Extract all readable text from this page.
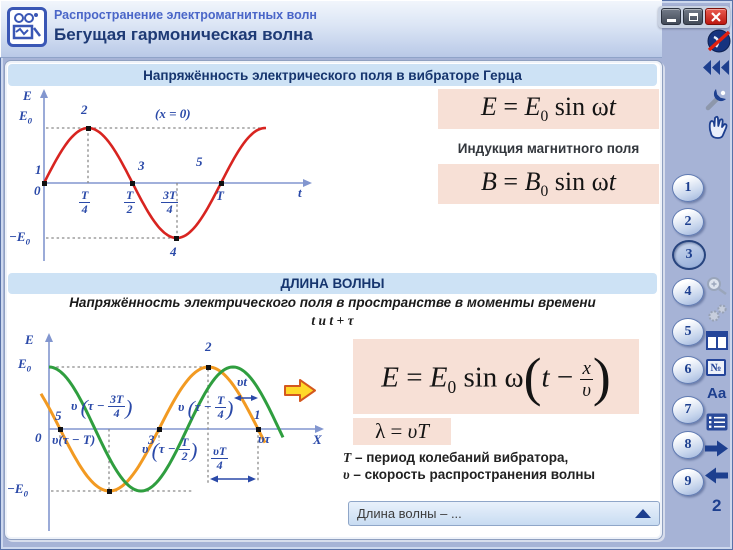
Распространение электромагнитных волн
Бегущая гармоническая волна
Напряжённость электрического поля в вибраторе Герца
E
$E_0$
$-E_0$
1
0
2
3
4
5
(x = 0)
$\frac{T}{4}$	$\frac{T}{2} \frac{3T}{4}$	T	t
$E = E_0$ sin ωt
Индукция магнитного поля
$B = B_0$ sin ωt
ДЛИНА ВОЛНЫ
Напряжённость электрического поля в пространстве в моменты времени
t и t + τ
E
$E_0$
$-E_0$
0
5
υ(τ − T)
υ ($\tau - \frac{3T}{4}$ )
3
υ ($\tau - \frac{T}{2}$ )
2
υ ($\tau - \frac{T}{4}$ ) 1
υτ
$\frac{\upsilon T}{4}$
υt
X
$E = E_0$ $\sin \omega(t - \frac{x}{\upsilon}$ )
λ = υT
T – период колебаний вибратора,
υ – скорость распространения волны
Длина волны – ...
1
2
3
4
5
6
7
8
9
№
Aa
2
